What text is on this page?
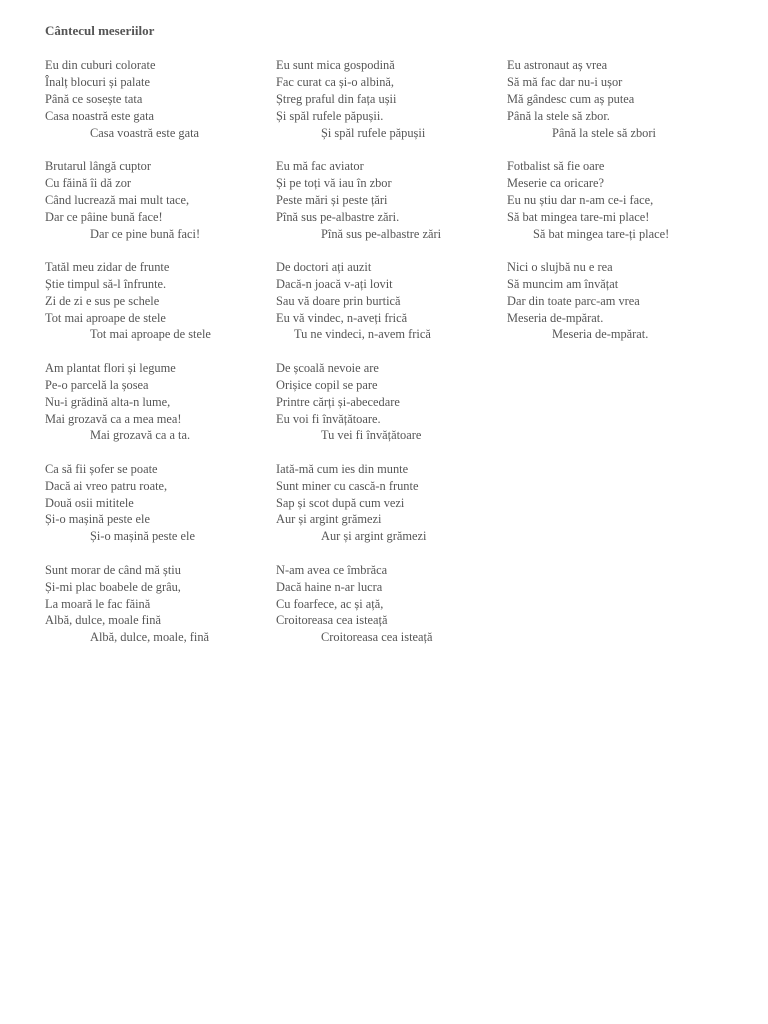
Cântecul meseriilor
Eu din cuburi colorate
Înalț blocuri și palate
Până ce sosește tata
Casa noastră este gata
Casa voastră este gata
Brutarul lângă cuptor
Cu făină îi dă zor
Când lucrează mai mult tace,
Dar ce pâine bună face!
Dar ce pine bună faci!
Tatăl meu zidar de frunte
Știe timpul să-l înfrunte.
Zi de zi e sus pe schele
Tot mai aproape de stele
Tot mai aproape de stele
Am plantat flori și legume
Pe-o parcelă la șosea
Nu-i grădină alta-n lume,
Mai grozavă ca a mea mea!
Mai grozavă ca a ta.
Ca să fii șofer se poate
Dacă ai vreo patru roate,
Două osii mititele
Și-o mașină peste ele
Și-o mașină peste ele
Sunt morar de când mă știu
Și-mi plac boabele de grâu,
La moară le fac făină
Albă, dulce, moale fină
Albă, dulce, moale, fină
Eu sunt mica gospodină
Fac curat ca și-o albină,
Ștreg praful din fața ușii
Și spăl rufele păpușii.
Și spăl rufele păpușii
Eu mă fac aviator
Și pe toți vă iau în zbor
Peste mări și peste țări
Pînă sus pe-albastre zări.
Pînă sus pe-albastre zări
De doctori ați auzit
Dacă-n joacă v-ați lovit
Sau vă doare prin burtică
Eu vă vindec, n-aveți frică
Tu ne vindeci, n-avem frică
De școală nevoie are
Orișice copil se pare
Printre cărți și-abecedare
Eu voi fi învățătoare.
Tu vei fi învățătoare
Iată-mă cum ies din munte
Sunt miner cu cască-n frunte
Sap și scot după cum vezi
Aur și argint grămezi
Aur și argint grămezi
N-am avea ce îmbrăca
Dacă haine n-ar lucra
Cu foarfece, ac și ață,
Croitoreasa cea isteață
Croitoreasa cea isteață
Eu astronaut aș vrea
Să mă fac dar nu-i ușor
Mă gândesc cum aș putea
Până la stele să zbor.
Până la stele să zbori
Fotbalist să fie oare
Meserie ca oricare?
Eu nu știu dar n-am ce-i face,
Să bat mingea tare-mi place!
Să bat mingea tare-ți place!
Nici o slujbă nu e rea
Să muncim am învățat
Dar din toate parc-am vrea
Meseria de-mpărat.
Meseria de-mpărat.
